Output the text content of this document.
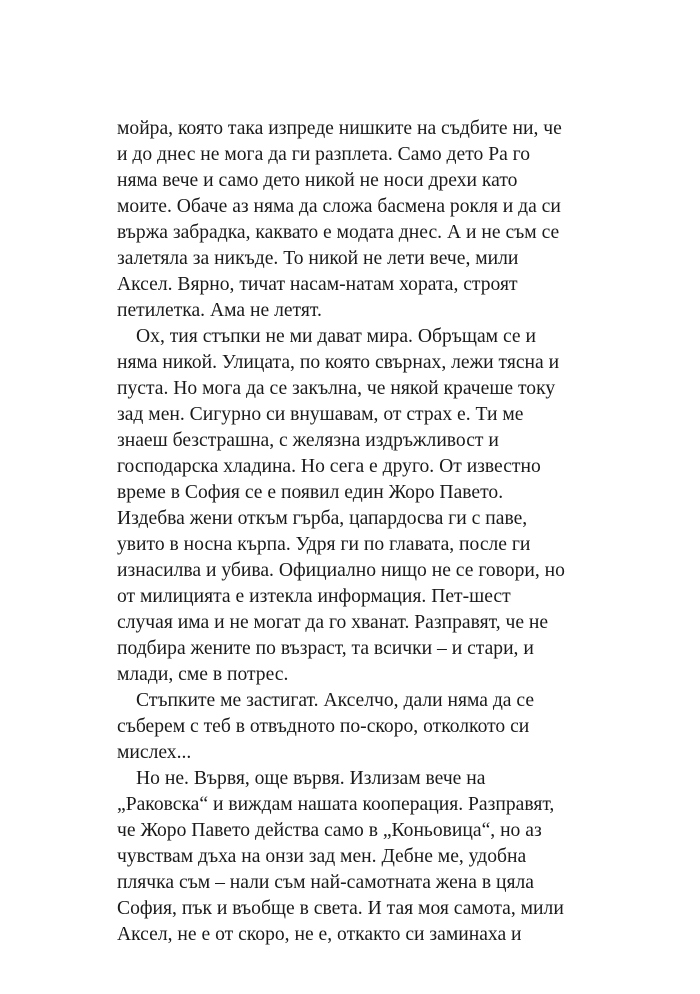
мойра, която така изпреде нишките на съдбите ни, че
и до днес не мога да ги разплета. Само дето Ра го
няма вече и само дето никой не носи дрехи като
моите. Обаче аз няма да сложа басмена рокля и да си
вържа забрадка, каквато е модата днес. А и не съм се
залетяла за никъде. То никой не лети вече, мили
Аксел. Вярно, тичат насам-натам хората, строят
петилетка. Ама не летят.
Ох, тия стъпки не ми дават мира. Обръщам се и
няма никой. Улицата, по която свърнах, лежи тясна и
пуста. Но мога да се закълна, че някой крачеше току
зад мен. Сигурно си внушавам, от страх е. Ти ме
знаеш безстрашна, с желязна издръжливост и
господарска хладина. Но сега е друго. От известно
време в София се е появил един Жоро Павето.
Издебва жени откъм гърба, цапардосва ги с паве,
увито в носна кърпа. Удря ги по главата, после ги
изнасилва и убива. Официално нищо не се говори, но
от милицията е изтекла информация. Пет-шест
случая има и не могат да го хванат. Разправят, че не
подбира жените по възраст, та всички – и стари, и
млади, сме в потрес.
Стъпките ме застигат. Акселчо, дали няма да се
съберем с теб в отвъдното по-скоро, отколкото си
мислех...
Но не. Вървя, още вървя. Излизам вече на
„Раковска“ и виждам нашата кооперация. Разправят,
че Жоро Павето действа само в „Коньовица“, но аз
чувствам дъха на онзи зад мен. Дебне ме, удобна
плячка съм – нали съм най-самотната жена в цяла
София, пък и въобще в света. И тая моя самота, мили
Аксел, не е от скоро, не е, откакто си заминаха и
